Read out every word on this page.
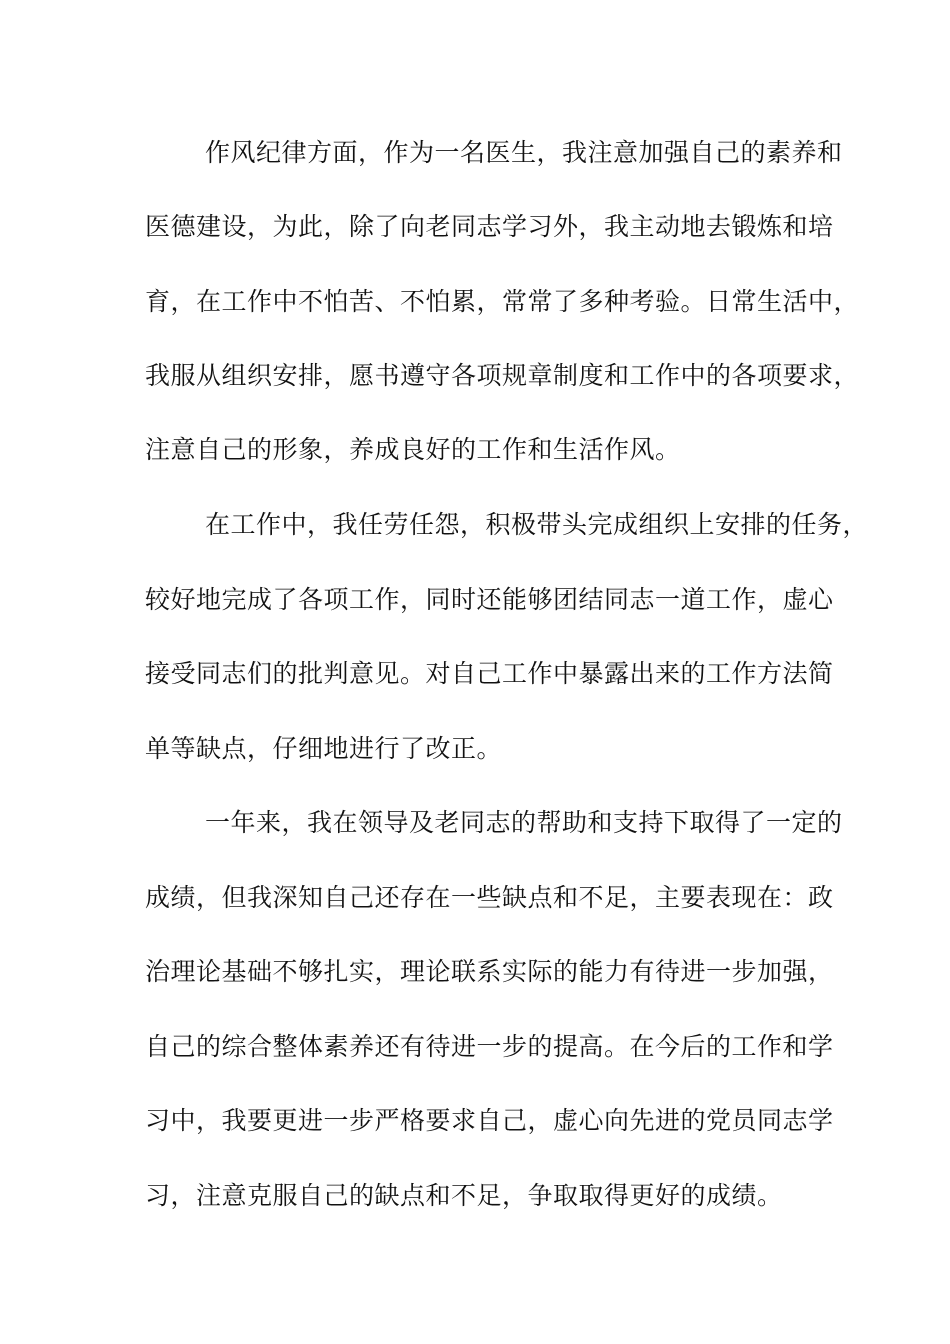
作风纪律方面，作为一名医生，我注意加强自己的素养和
医德建设，为此，除了向老同志学习外，我主动地去锻炼和培
育，在工作中不怕苦、不怕累，常常了多种考验。日常生活中，
我服从组织安排，愿书遵守各项规章制度和工作中的各项要求，
注意自己的形象，养成良好的工作和生活作风。
在工作中，我任劳任怨，积极带头完成组织上安排的任务，
较好地完成了各项工作，同时还能够团结同志一道工作，虚心
接受同志们的批判意见。对自己工作中暴露出来的工作方法简
单等缺点，仔细地进行了改正。
一年来，我在领导及老同志的帮助和支持下取得了一定的
成绩，但我深知自己还存在一些缺点和不足，主要表现在：政
治理论基础不够扎实，理论联系实际的能力有待进一步加强，
自己的综合整体素养还有待进一步的提高。在今后的工作和学
习中，我要更进一步严格要求自己，虚心向先进的党员同志学
习，注意克服自己的缺点和不足，争取取得更好的成绩。
